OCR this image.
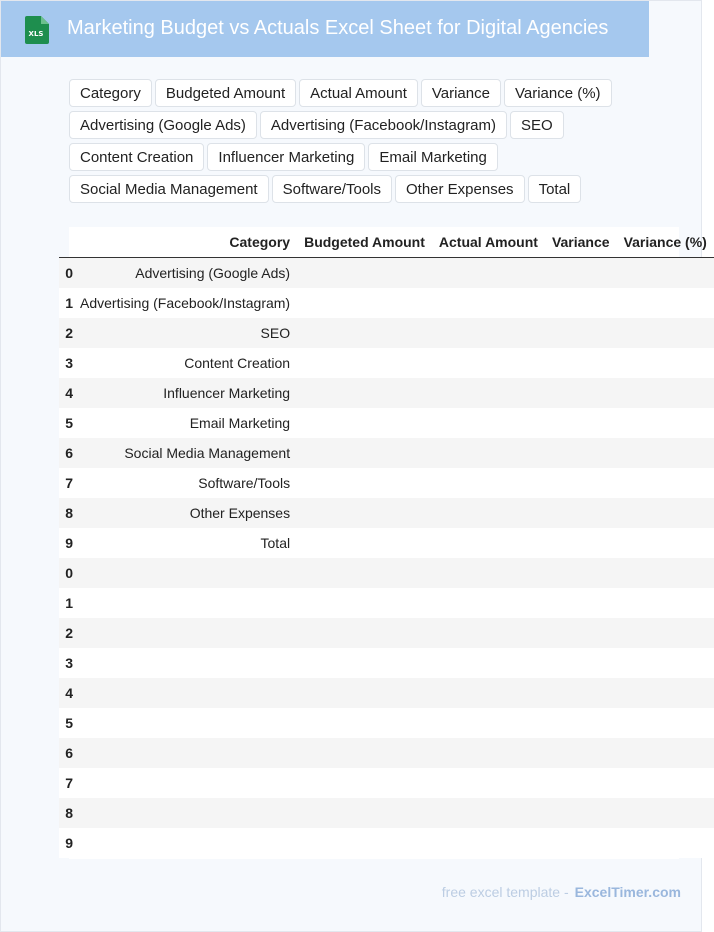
XLS Marketing Budget vs Actuals Excel Sheet for Digital Agencies
Category	Budgeted Amount	Actual Amount	Variance	Variance (%)
Advertising (Google Ads)	Advertising (Facebook/Instagram)	SEO
Content Creation	Influencer Marketing	Email Marketing
Social Media Management	Software/Tools	Other Expenses	Total
	Category	Budgeted Amount	Actual Amount	Variance	Variance (%)
0	Advertising (Google Ads)				
1	Advertising (Facebook/Instagram)				
2	SEO				
3	Content Creation				
4	Influencer Marketing				
5	Email Marketing				
6	Social Media Management				
7	Software/Tools				
8	Other Expenses				
9	Total				
0					
1					
2					
3					
4					
5					
6					
7					
8					
9					
free excel template - ExcelTimer.com
